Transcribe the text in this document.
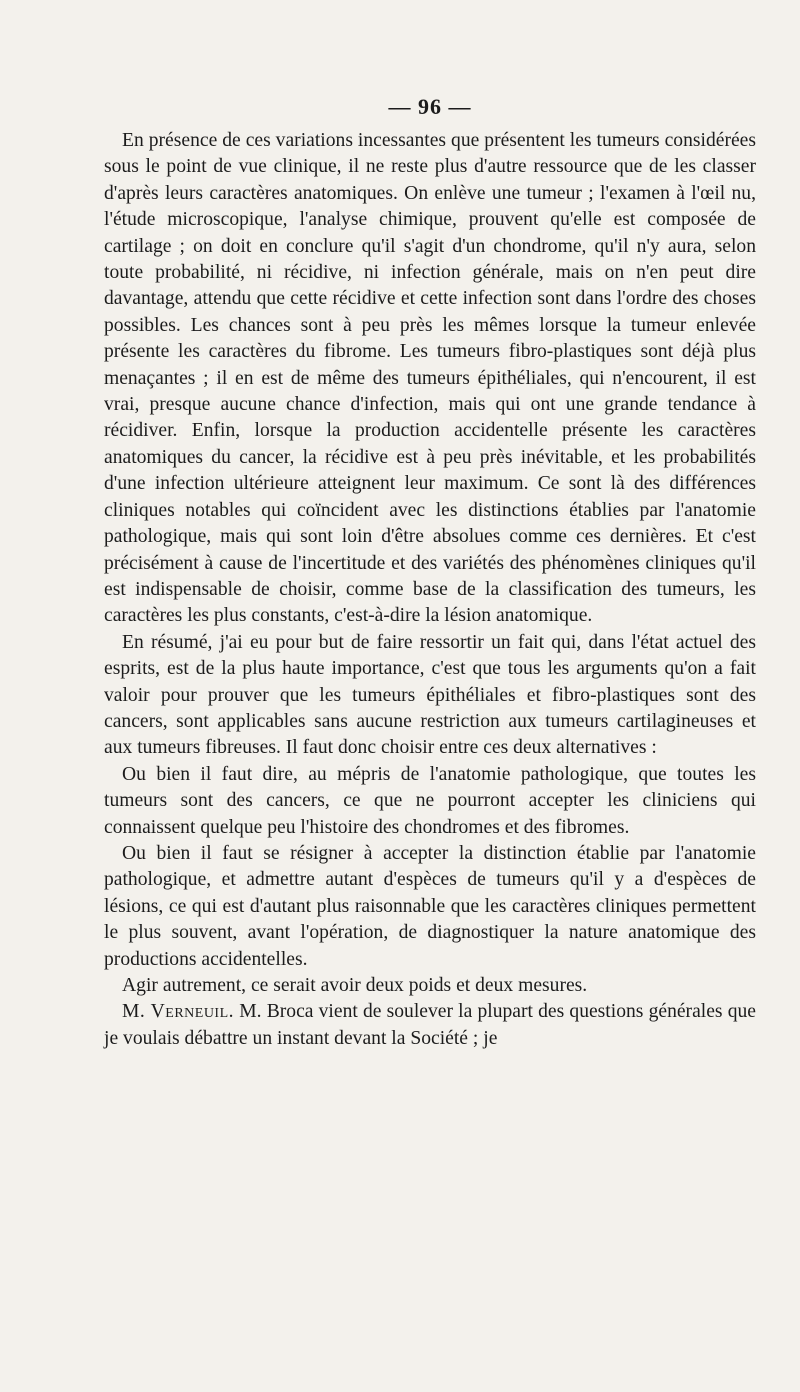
— 96 —

En présence de ces variations incessantes que présentent les tumeurs considérées sous le point de vue clinique, il ne reste plus d'autre ressource que de les classer d'après leurs caractères anatomiques. On enlève une tumeur ; l'examen à l'œil nu, l'étude microscopique, l'analyse chimique, prouvent qu'elle est composée de cartilage ; on doit en conclure qu'il s'agit d'un chondrome, qu'il n'y aura, selon toute probabilité, ni récidive, ni infection générale, mais on n'en peut dire davantage, attendu que cette récidive et cette infection sont dans l'ordre des choses possibles. Les chances sont à peu près les mêmes lorsque la tumeur enlevée présente les caractères du fibrome. Les tumeurs fibro-plastiques sont déjà plus menaçantes ; il en est de même des tumeurs épithéliales, qui n'encourent, il est vrai, presque aucune chance d'infection, mais qui ont une grande tendance à récidiver. Enfin, lorsque la production accidentelle présente les caractères anatomiques du cancer, la récidive est à peu près inévitable, et les probabilités d'une infection ultérieure atteignent leur maximum. Ce sont là des différences cliniques notables qui coïncident avec les distinctions établies par l'anatomie pathologique, mais qui sont loin d'être absolues comme ces dernières. Et c'est précisément à cause de l'incertitude et des variétés des phénomènes cliniques qu'il est indispensable de choisir, comme base de la classification des tumeurs, les caractères les plus constants, c'est-à-dire la lésion anatomique.

En résumé, j'ai eu pour but de faire ressortir un fait qui, dans l'état actuel des esprits, est de la plus haute importance, c'est que tous les arguments qu'on a fait valoir pour prouver que les tumeurs épithéliales et fibro-plastiques sont des cancers, sont applicables sans aucune restriction aux tumeurs cartilagineuses et aux tumeurs fibreuses. Il faut donc choisir entre ces deux alternatives :

Ou bien il faut dire, au mépris de l'anatomie pathologique, que toutes les tumeurs sont des cancers, ce que ne pourront accepter les cliniciens qui connaissent quelque peu l'histoire des chondromes et des fibromes.

Ou bien il faut se résigner à accepter la distinction établie par l'anatomie pathologique, et admettre autant d'espèces de tumeurs qu'il y a d'espèces de lésions, ce qui est d'autant plus raisonnable que les caractères cliniques permettent le plus souvent, avant l'opération, de diagnostiquer la nature anatomique des productions accidentelles.

Agir autrement, ce serait avoir deux poids et deux mesures.

M. Verneuil. M. Broca vient de soulever la plupart des questions générales que je voulais débattre un instant devant la Société ; je
